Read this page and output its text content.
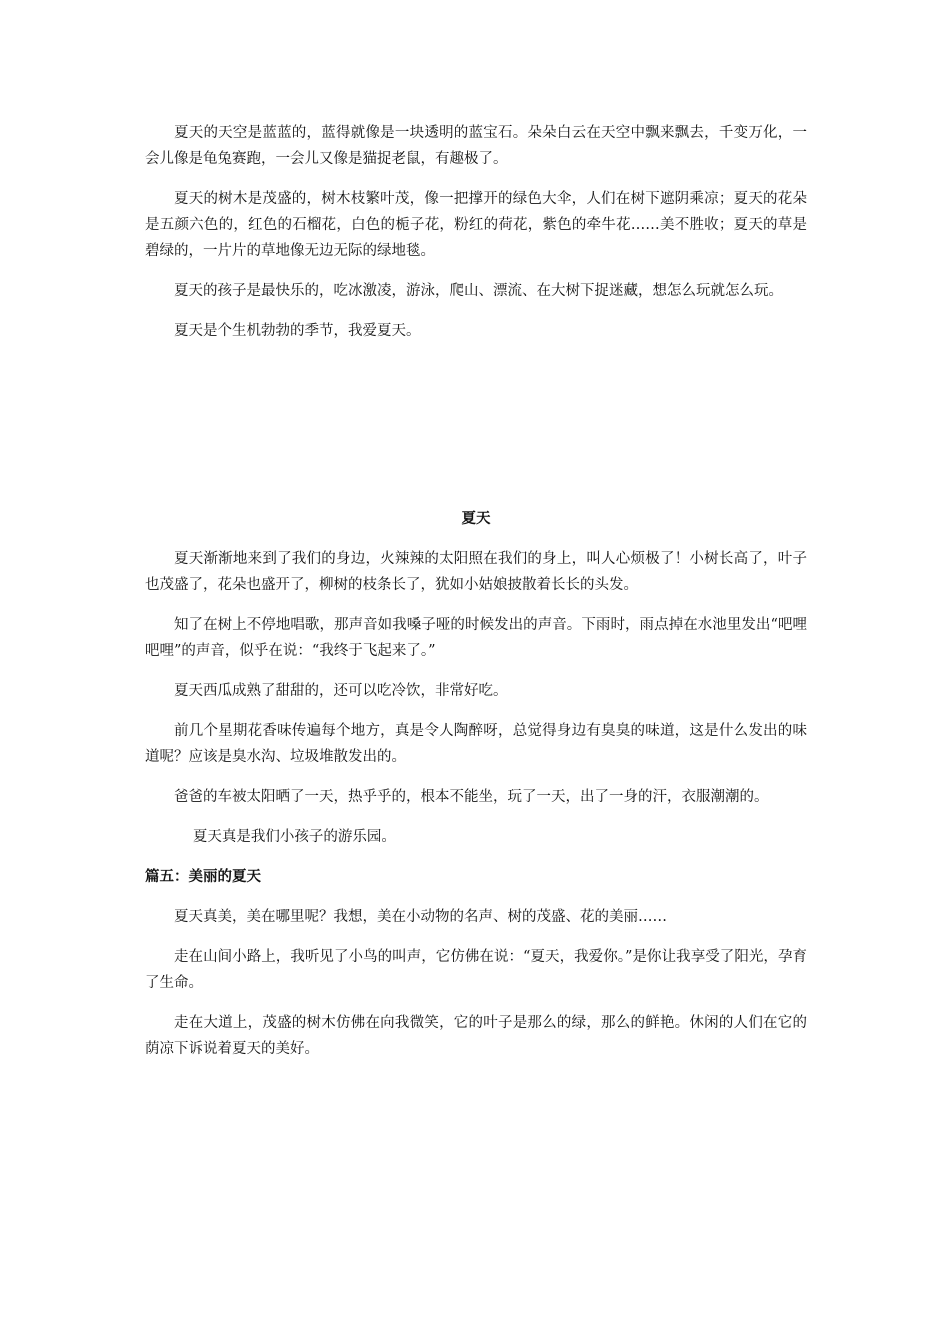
夏天的天空是蓝蓝的，蓝得就像是一块透明的蓝宝石。朵朵白云在天空中飘来飘去，千变万化，一会儿像是龟兔赛跑，一会儿又像是猫捉老鼠，有趣极了。

夏天的树木是茂盛的，树木枝繁叶茂，像一把撑开的绿色大伞，人们在树下遮阴乘凉；夏天的花朵是五颜六色的，红色的石榴花，白色的栀子花，粉红的荷花，紫色的牵牛花……美不胜收；夏天的草是碧绿的，一片片的草地像无边无际的绿地毯。

夏天的孩子是最快乐的，吃冰激凌，游泳，爬山、漂流、在大树下捉迷藏，想怎么玩就怎么玩。

夏天是个生机勃勃的季节，我爱夏天。

夏天

夏天渐渐地来到了我们的身边，火辣辣的太阳照在我们的身上，叫人心烦极了！小树长高了，叶子也茂盛了，花朵也盛开了，柳树的枝条长了，犹如小姑娘披散着长长的头发。

知了在树上不停地唱歌，那声音如我嗓子哑的时候发出的声音。下雨时，雨点掉在水池里发出“吧哩吧哩”的声音，似乎在说：“我终于飞起来了。”

夏天西瓜成熟了甜甜的，还可以吃冷饮，非常好吃。

前几个星期花香味传遍每个地方，真是令人陶醉呀，总觉得身边有臭臭的味道，这是什么发出的味道呢？应该是臭水沟、垃圾堆散发出的。

爸爸的车被太阳晒了一天，热乎乎的，根本不能坐，玩了一天，出了一身的汗，衣服潮潮的。

夏天真是我们小孩子的游乐园。

篇五：美丽的夏天

夏天真美，美在哪里呢？我想，美在小动物的名声、树的茂盛、花的美丽……

走在山间小路上，我听见了小鸟的叫声，它仿佛在说：“夏天，我爱你。”是你让我享受了阳光，孕育了生命。

走在大道上，茂盛的树木仿佛在向我微笑，它的叶子是那么的绿，那么的鲜艳。休闲的人们在它的荫凉下诉说着夏天的美好。
